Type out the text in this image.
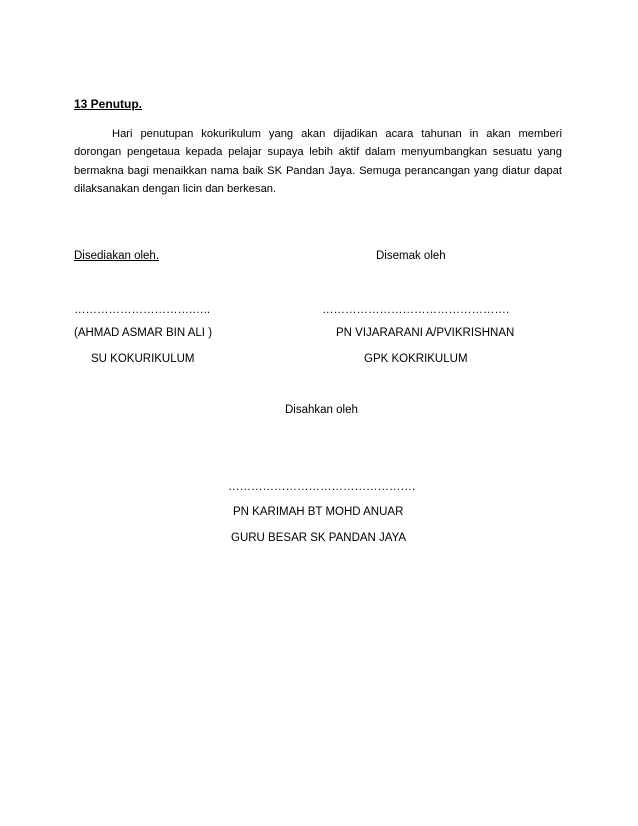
13 Penutup.

Hari penutupan kokurikulum yang akan dijadikan acara tahunan in akan memberi dorongan pengetaua kepada pelajar supaya lebih aktif dalam menyumbangkan sesuatu yang bermakna bagi menaikkan nama baik SK Pandan Jaya. Semuga perancangan yang diatur dapat dilaksanakan dengan licin dan berkesan.

Disediakan oleh.	Disemak oleh
………………………….…..	………………………………………….
(AHMAD ASMAR BIN ALI )	PN VIJARARANI A/PVIKRISHNAN
SU KOKURIKULUM	GPK KOKRIKULUM
Disahkan oleh
………………………………………….
PN KARIMAH BT MOHD ANUAR
GURU BESAR SK PANDAN JAYA
